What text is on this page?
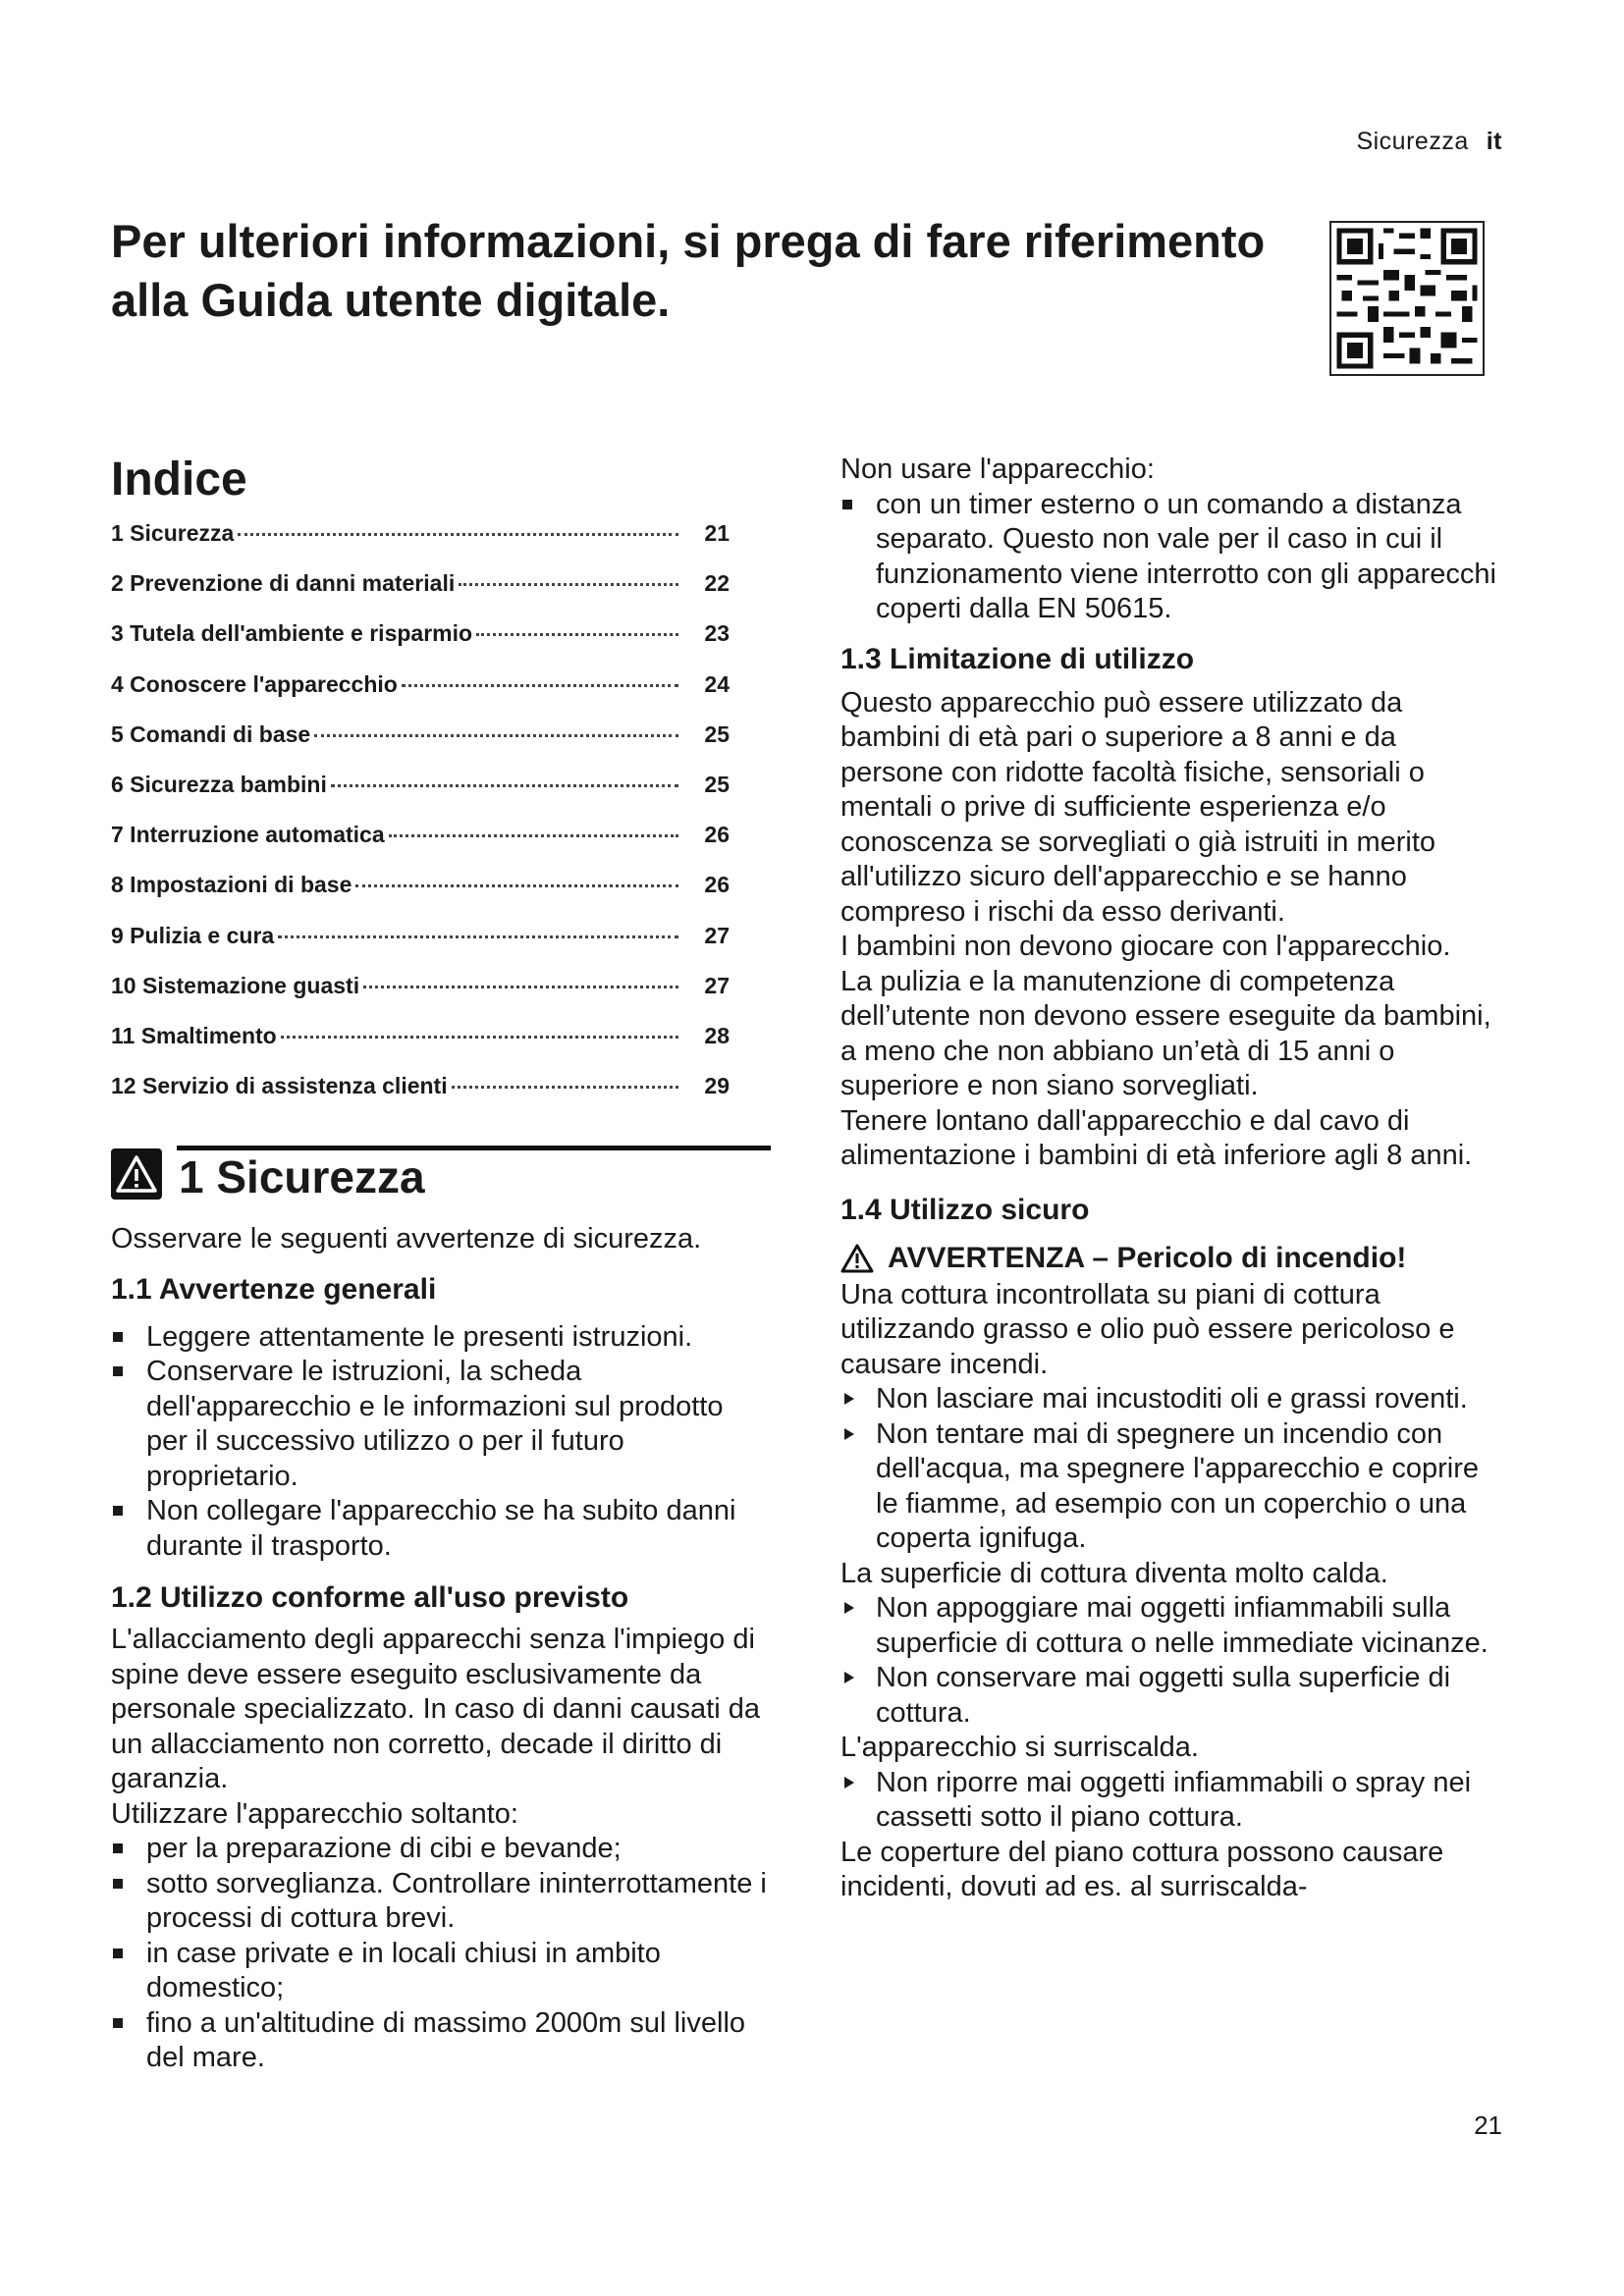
Sicurezza it
Per ulteriori informazioni, si prega di fare riferimento alla Guida utente digitale.
Indice
1 Sicurezza	21
2 Prevenzione di danni materiali	22
3 Tutela dell'ambiente e risparmio	23
4 Conoscere l'apparecchio	24
5 Comandi di base	25
6 Sicurezza bambini	25
7 Interruzione automatica	26
8 Impostazioni di base	26
9 Pulizia e cura	27
10 Sistemazione guasti	27
11 Smaltimento	28
12 Servizio di assistenza clienti	29
1 Sicurezza

Osservare le seguenti avvertenze di sicurezza.

1.1 Avvertenze generali
Leggere attentamente le presenti istruzioni.
Conservare le istruzioni, la scheda dell'apparecchio e le informazioni sul prodotto per il successivo utilizzo o per il futuro proprietario.
Non collegare l'apparecchio se ha subito danni durante il trasporto.
1.2 Utilizzo conforme all'uso previsto

L'allacciamento degli apparecchi senza l'impiego di spine deve essere eseguito esclusivamente da personale specializzato. In caso di danni causati da un allacciamento non corretto, decade il diritto di garanzia.

Utilizzare l'apparecchio soltanto:

per la preparazione di cibi e bevande;
sotto sorveglianza. Controllare ininterrottamente i processi di cottura brevi.
in case private e in locali chiusi in ambito domestico;
fino a un'altitudine di massimo 2000m sul livello del mare.

Non usare l'apparecchio:

con un timer esterno o un comando a distanza separato. Questo non vale per il caso in cui il funzionamento viene interrotto con gli apparecchi coperti dalla EN 50615.
1.3 Limitazione di utilizzo

Questo apparecchio può essere utilizzato da bambini di età pari o superiore a 8 anni e da persone con ridotte facoltà fisiche, sensoriali o mentali o prive di sufficiente esperienza e/o conoscenza se sorvegliati o già istruiti in merito all'utilizzo sicuro dell'apparecchio e se hanno compreso i rischi da esso derivanti.

I bambini non devono giocare con l'apparecchio.

La pulizia e la manutenzione di competenza dell’utente non devono essere eseguite da bambini, a meno che non abbiano un’età di 15 anni o superiore e non siano sorvegliati.

Tenere lontano dall'apparecchio e dal cavo di alimentazione i bambini di età inferiore agli 8 anni.

1.4 Utilizzo sicuro
AVVERTENZA – Pericolo di incendio!

Una cottura incontrollata su piani di cottura utilizzando grasso e olio può essere pericoloso e causare incendi.

Non lasciare mai incustoditi oli e grassi roventi.
Non tentare mai di spegnere un incendio con dell'acqua, ma spegnere l'apparecchio e coprire le fiamme, ad esempio con un coperchio o una coperta ignifuga.

La superficie di cottura diventa molto calda.

Non appoggiare mai oggetti infiammabili sulla superficie di cottura o nelle immediate vicinanze.
Non conservare mai oggetti sulla superficie di cottura.

L'apparecchio si surriscalda.

Non riporre mai oggetti infiammabili o spray nei cassetti sotto il piano cottura.

Le coperture del piano cottura possono causare incidenti, dovuti ad es. al surriscalda-

21
